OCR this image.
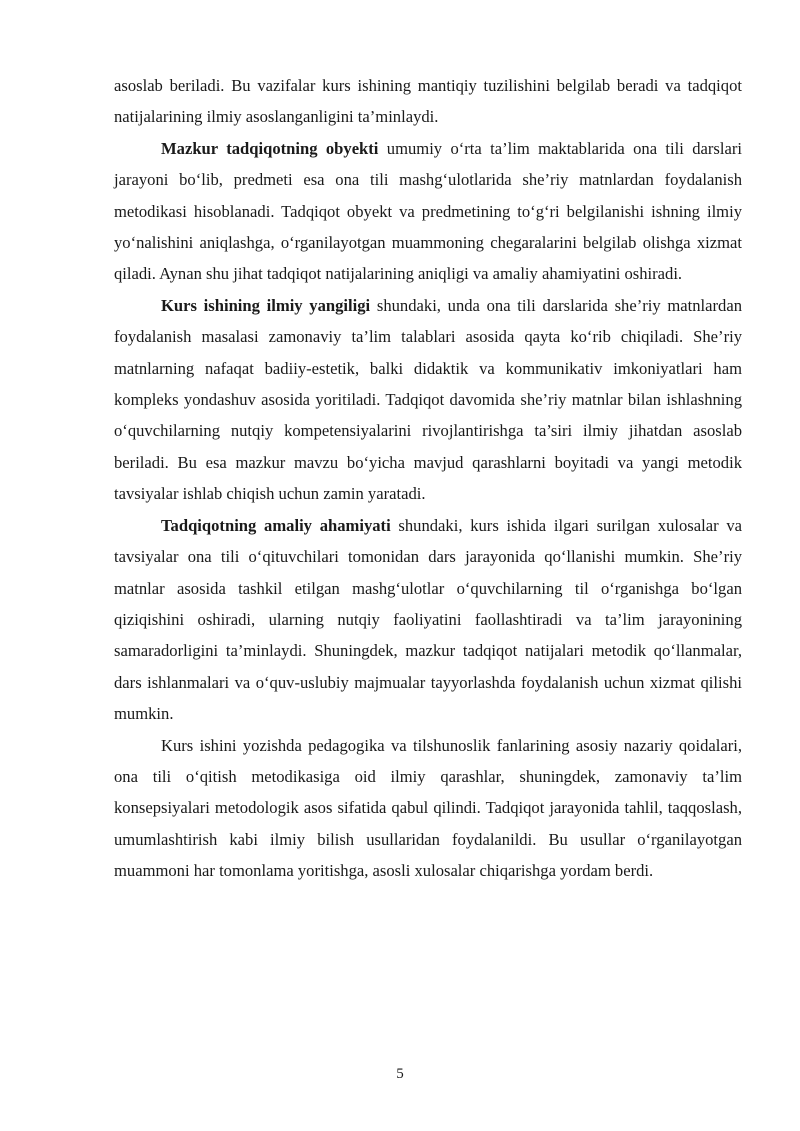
asoslab beriladi. Bu vazifalar kurs ishining mantiqiy tuzilishini belgilab beradi va tadqiqot natijalarining ilmiy asoslanganligini ta’minlaydi.

Mazkur tadqiqotning obyekti umumiy o‘rta ta’lim maktablarida ona tili darslari jarayoni bo‘lib, predmeti esa ona tili mashg‘ulotlarida she’riy matnlardan foydalanish metodikasi hisoblanadi. Tadqiqot obyekt va predmetining to‘g‘ri belgilanishi ishning ilmiy yo‘nalishini aniqlashga, o‘rganilayotgan muammoning chegaralarini belgilab olishga xizmat qiladi. Aynan shu jihat tadqiqot natijalarining aniqligi va amaliy ahamiyatini oshiradi.

Kurs ishining ilmiy yangiligi shundaki, unda ona tili darslarida she’riy matnlardan foydalanish masalasi zamonaviy ta’lim talablari asosida qayta ko‘rib chiqiladi. She’riy matnlarning nafaqat badiiy-estetik, balki didaktik va kommunikativ imkoniyatlari ham kompleks yondashuv asosida yoritiladi. Tadqiqot davomida she’riy matnlar bilan ishlashning o‘quvchilarning nutqiy kompetensiyalarini rivojlantirishga ta’siri ilmiy jihatdan asoslab beriladi. Bu esa mazkur mavzu bo‘yicha mavjud qarashlarni boyitadi va yangi metodik tavsiyalar ishlab chiqish uchun zamin yaratadi.

Tadqiqotning amaliy ahamiyati shundaki, kurs ishida ilgari surilgan xulosalar va tavsiyalar ona tili o‘qituvchilari tomonidan dars jarayonida qo‘llanishi mumkin. She’riy matnlar asosida tashkil etilgan mashg‘ulotlar o‘quvchilarning til o‘rganishga bo‘lgan qiziqishini oshiradi, ularning nutqiy faoliyatini faollashtiradi va ta’lim jarayonining samaradorligini ta’minlaydi. Shuningdek, mazkur tadqiqot natijalari metodik qo‘llanmalar, dars ishlanmalari va o‘quv-uslubiy majmualar tayyorlashda foydalanish uchun xizmat qilishi mumkin.

Kurs ishini yozishda pedagogika va tilshunoslik fanlarining asosiy nazariy qoidalari, ona tili o‘qitish metodikasiga oid ilmiy qarashlar, shuningdek, zamonaviy ta’lim konsepsiyalari metodologik asos sifatida qabul qilindi. Tadqiqot jarayonida tahlil, taqqoslash, umumlashtirish kabi ilmiy bilish usullaridan foydalanildi. Bu usullar o‘rganilayotgan muammoni har tomonlama yoritishga, asosli xulosalar chiqarishga yordam berdi.

5
